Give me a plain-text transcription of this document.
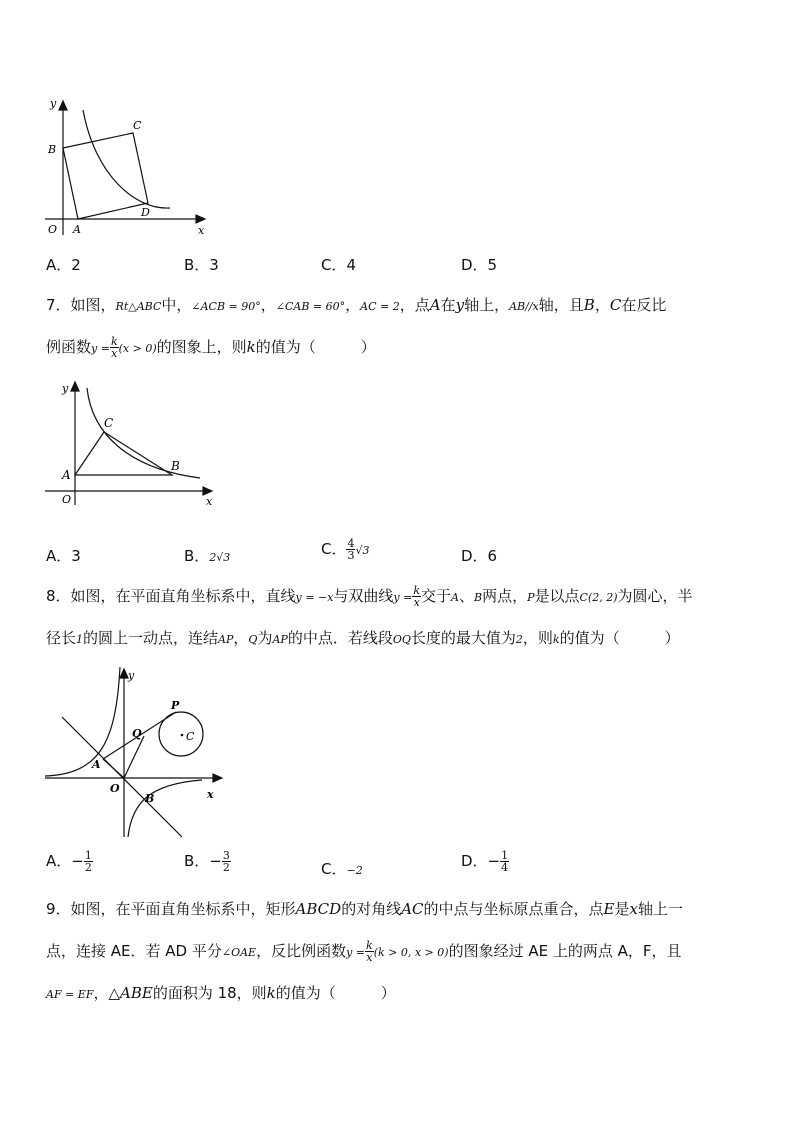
y
x
O A
B
C
D
A．2	B．3	C．4	D．5
7．如图，Rt△ABC中，∠ACB = 90°，∠CAB = 60°，AC = 2，点A在y轴上，AB//x轴，且B，C在反比
例函数$y = \frac{k}{x} (x > 0)$的图象上，则k的值为（　　　）
y
x
O
A
B
C
A．3	B．2√3	C． $\frac{4}{3} √3$	D．6
8．如图，在平面直角坐标系中，直线y = −x与双曲线$y = \frac{k}{x}$ 交于A、B两点，P是以点C(2, 2)为圆心，半
径长1的圆上一动点，连结AP，Q为AP的中点．若线段OQ长度的最大值为2，则k的值为（　　　）
y
x
O
A
B
P
Q	C
A．− $\frac{1}{2}$	B．− $\frac{3}{2}$	C．−2
D．− $\frac{1}{4}$
9．如图，在平面直角坐标系中，矩形ABCD的对角线AC的中点与坐标原点重合，点E是x轴上一
点，连接 AE．若 AD 平分∠OAE，反比例函数$y = \frac{k}{x} (k > 0$, x > 0)的图象经过 AE 上的两点 A，F，且
AF = EF，△ABE的面积为 18，则k的值为（　　　）
